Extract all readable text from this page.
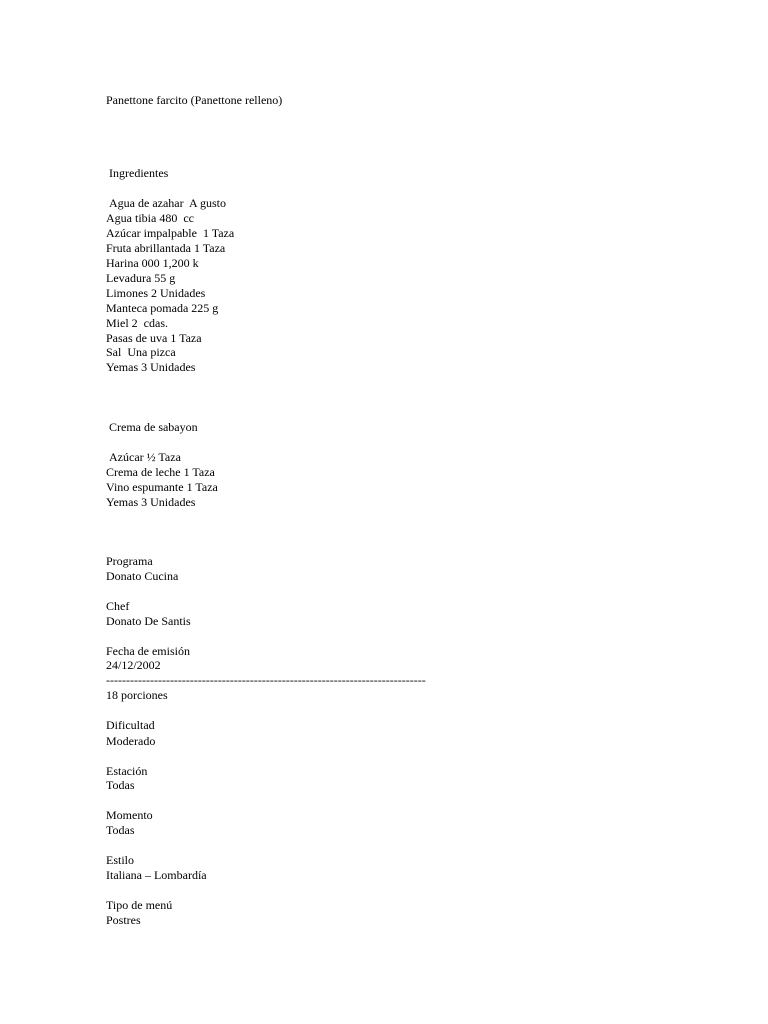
Panettone farcito (Panettone relleno)
Ingredientes
Agua de azahar  A gusto
Agua tibia 480  cc
Azúcar impalpable  1 Taza
Fruta abrillantada 1 Taza
Harina 000 1,200 k
Levadura 55 g
Limones 2 Unidades
Manteca pomada 225 g
Miel 2  cdas.
Pasas de uva 1 Taza
Sal  Una pizca
Yemas 3 Unidades
Crema de sabayon
Azúcar ½ Taza
Crema de leche 1 Taza
Vino espumante 1 Taza
Yemas 3 Unidades
Programa
Donato Cucina
Chef
Donato De Santis
Fecha de emisión
24/12/2002
--------------------------------------------------------------------------------
18 porciones
Dificultad
Moderado
Estación
Todas
Momento
Todas
Estilo
Italiana – Lombardía
Tipo de menú
Postres
